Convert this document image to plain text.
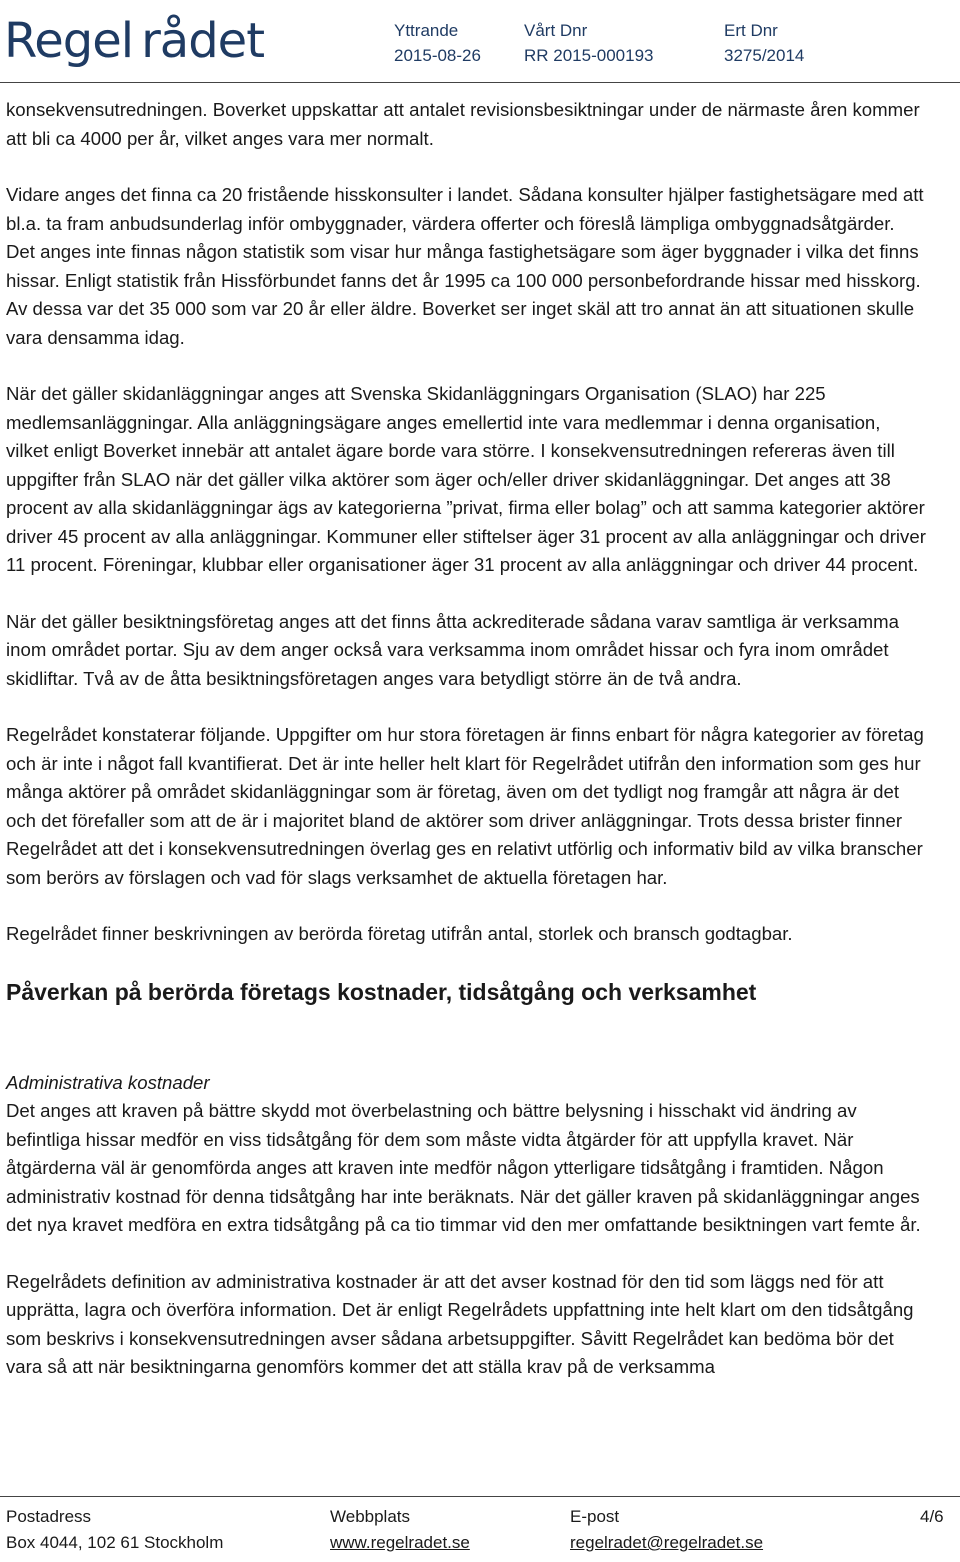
Regel rådet	Yttrande
2015-08-26
Vårt Dnr
RR 2015-000193
Ert Dnr
3275/2014

konsekvensutredningen. Boverket uppskattar att antalet revisionsbesiktningar under de närmaste åren kommer att bli ca 4000 per år, vilket anges vara mer normalt.

Vidare anges det finna ca 20 fristående hisskonsulter i landet. Sådana konsulter hjälper fastighetsägare med att bl.a. ta fram anbudsunderlag inför ombyggnader, värdera offerter och föreslå lämpliga ombyggnadsåtgärder. Det anges inte finnas någon statistik som visar hur många fastighetsägare som äger byggnader i vilka det finns hissar. Enligt statistik från Hissförbundet fanns det år 1995 ca 100 000 personbefordrande hissar med hisskorg. Av dessa var det 35 000 som var 20 år eller äldre. Boverket ser inget skäl att tro annat än att situationen skulle vara densamma idag.

När det gäller skidanläggningar anges att Svenska Skidanläggningars Organisation (SLAO) har 225 medlemsanläggningar. Alla anläggningsägare anges emellertid inte vara medlemmar i denna organisation, vilket enligt Boverket innebär att antalet ägare borde vara större. I konsekvensutredningen refereras även till uppgifter från SLAO när det gäller vilka aktörer som äger och/eller driver skidanläggningar. Det anges att 38 procent av alla skidanläggningar ägs av kategorierna ”privat, firma eller bolag” och att samma kategorier aktörer driver 45 procent av alla anläggningar. Kommuner eller stiftelser äger 31 procent av alla anläggningar och driver 11 procent. Föreningar, klubbar eller organisationer äger 31 procent av alla anläggningar och driver 44 procent.

När det gäller besiktningsföretag anges att det finns åtta ackrediterade sådana varav samtliga är verksamma inom området portar. Sju av dem anger också vara verksamma inom området hissar och fyra inom området skidliftar. Två av de åtta besiktningsföretagen anges vara betydligt större än de två andra.

Regelrådet konstaterar följande. Uppgifter om hur stora företagen är finns enbart för några kategorier av företag och är inte i något fall kvantifierat. Det är inte heller helt klart för Regelrådet utifrån den information som ges hur många aktörer på området skidanläggningar som är företag, även om det tydligt nog framgår att några är det och det förefaller som att de är i majoritet bland de aktörer som driver anläggningar. Trots dessa brister finner Regelrådet att det i konsekvensutredningen överlag ges en relativt utförlig och informativ bild av vilka branscher som berörs av förslagen och vad för slags verksamhet de aktuella företagen har.

Regelrådet finner beskrivningen av berörda företag utifrån antal, storlek och bransch godtagbar.

Påverkan på berörda företags kostnader, tidsåtgång och verksamhet
Administrativa kostnader

Det anges att kraven på bättre skydd mot överbelastning och bättre belysning i hisschakt vid ändring av befintliga hissar medför en viss tidsåtgång för dem som måste vidta åtgärder för att uppfylla kravet. När åtgärderna väl är genomförda anges att kraven inte medför någon ytterligare tidsåtgång i framtiden. Någon administrativ kostnad för denna tidsåtgång har inte beräknats. När det gäller kraven på skidanläggningar anges det nya kravet medföra en extra tidsåtgång på ca tio timmar vid den mer omfattande besiktningen vart femte år.

Regelrådets definition av administrativa kostnader är att det avser kostnad för den tid som läggs ned för att upprätta, lagra och överföra information. Det är enligt Regelrådets uppfattning inte helt klart om den tidsåtgång som beskrivs i konsekvensutredningen avser sådana arbetsuppgifter. Såvitt Regelrådet kan bedöma bör det vara så att när besiktningarna genomförs kommer det att ställa krav på de verksamma

Postadress
Box 4044, 102 61 Stockholm
Webbplats
www.regelradet.se
E-post
regelradet@regelradet.se
4/6
